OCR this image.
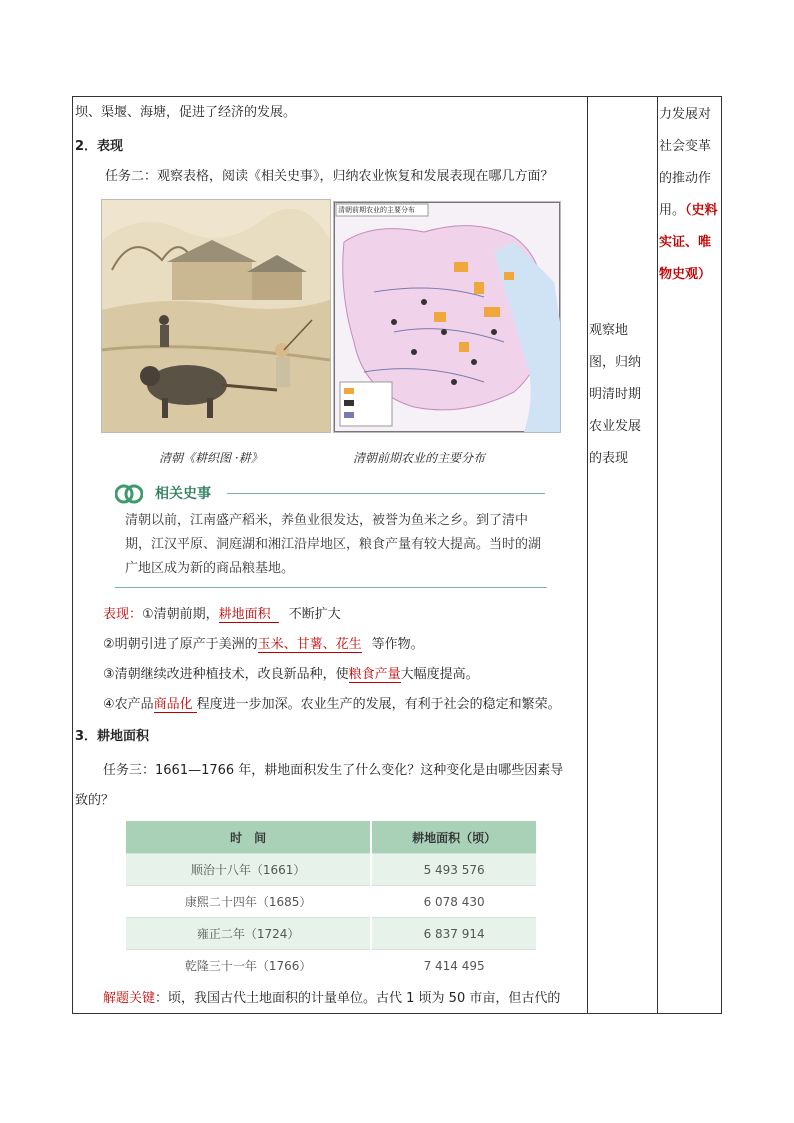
坝、渠堰、海塘，促进了经济的发展。
2．表现
任务二：观察表格，阅读《相关史事》，归纳农业恢复和发展表现在哪几方面？
清朝前期农业的主要分布
清朝《耕织图 ·耕》	清朝前期农业的主要分布
相关史事
清朝以前，江南盛产稻米，养鱼业很发达，被誉为鱼米之乡。到了清中期，江汉平原、洞庭湖和湘江沿岸地区，粮食产量有较大提高。当时的湖广地区成为新的商品粮基地。
表现：①清朝前期，耕地面积 不断扩大
②明朝引进了原产于美洲的玉米、甘薯、花生 等作物。
③清朝继续改进种植技术，改良新品种，使粮食产量大幅度提高。
④农产品商品化 程度进一步加深。农业生产的发展，有利于社会的稳定和繁荣。
3．耕地面积
任务三：1661—1766 年，耕地面积发生了什么变化？这种变化是由哪些因素导
致的？
时　间	耕地面积（顷）
顺治十八年（1661）	5 493 576
康熙二十四年（1685）	6 078 430
雍正二年（1724）	6 837 914
乾隆三十一年（1766）	7 414 495
解题关键：顷，我国古代土地面积的计量单位。古代 1 顷为 50 市亩，但古代的
观察地图，归纳明清时期农业发展的表现
力发展对社会变革的推动作用。（史料实证、唯物史观）
